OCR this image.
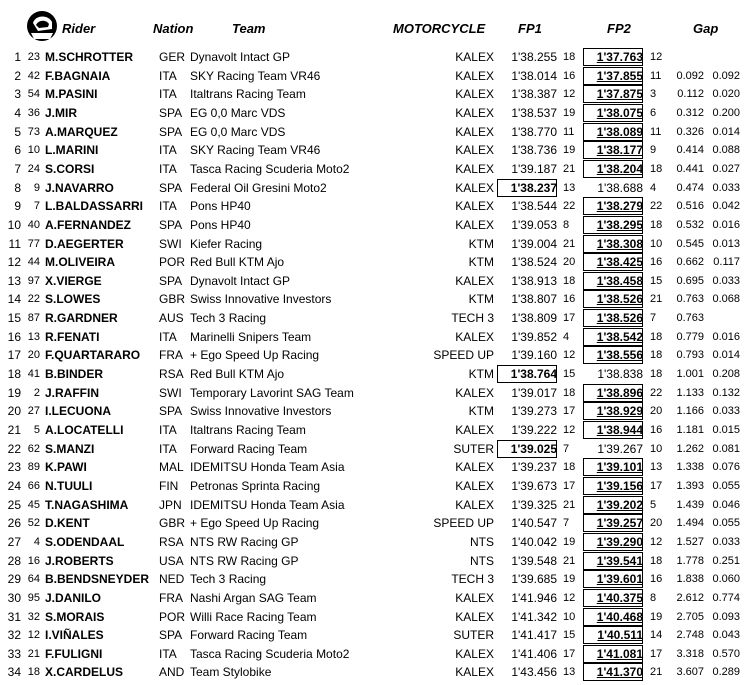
Rider	Nation	Team	MOTORCYCLE	FP1	FP2	Gap
1 23 M.SCHROTTER GER Dynavolt Intact GP	KALEX	1'38.255 18	1'37.763 12
2 42 F.BAGNAIA	ITA SKY Racing Team VR46	KALEX	1'38.014 16	1'37.855 11	0.092 0.092
3 54 M.PASINI	ITA Italtrans Racing Team	KALEX	1'38.387 12	1'37.875 3	0.112 0.020
4 36 J.MIR	SPA EG 0,0 Marc VDS	KALEX	1'38.537 19	1'38.075 6	0.312 0.200
5 73 A.MARQUEZ	SPA EG 0,0 Marc VDS	KALEX	1'38.770 11	1'38.089 11	0.326 0.014
6 10 L.MARINI	ITA SKY Racing Team VR46	KALEX	1'38.736 19	1'38.177 9	0.414 0.088
7 24 S.CORSI	ITA Tasca Racing Scuderia Moto2	KALEX	1'39.187 21	1'38.204 18	0.441 0.027
8	9 J.NAVARRO	SPA Federal Oil Gresini Moto2	KALEX	1'38.237 13	1'38.688 4	0.474 0.033
9	7 L.BALDASSARRI ITA Pons HP40	KALEX	1'38.544 22	1'38.279 22	0.516 0.042
10 40 A.FERNANDEZ SPA Pons HP40	KALEX	1'39.053 8	1'38.295 18	0.532 0.016
11 77 D.AEGERTER	SWI Kiefer Racing	KTM	1'39.004 21	1'38.308 10	0.545 0.013
12 44 M.OLIVEIRA	POR Red Bull KTM Ajo	KTM	1'38.524 20	1'38.425 16	0.662 0.117
13 97 X.VIERGE	SPA Dynavolt Intact GP	KALEX	1'38.913 18	1'38.458 15	0.695 0.033
14 22 S.LOWES	GBR Swiss Innovative Investors	KTM	1'38.807 16	1'38.526 21	0.763 0.068
15 87 R.GARDNER	AUS Tech 3 Racing	TECH 3	1'38.809 17	1'38.526 7	0.763
16 13 R.FENATI	ITA Marinelli Snipers Team	KALEX	1'39.852 4	1'38.542 18	0.779 0.016
17 20 F.QUARTARARO FRA + Ego Speed Up Racing	SPEED UP	1'39.160 12	1'38.556 18	0.793 0.014
18 41 B.BINDER	RSA Red Bull KTM Ajo	KTM	1'38.764 15	1'38.838 18	1.001 0.208
19	2 J.RAFFIN	SWI Temporary Lavorint SAG Team	KALEX	1'39.017 18	1'38.896 22	1.133 0.132
20 27 I.LECUONA	SPA Swiss Innovative Investors	KTM	1'39.273 17	1'38.929 20	1.166 0.033
21	5 A.LOCATELLI	ITA Italtrans Racing Team	KALEX	1'39.222 12	1'38.944 16	1.181 0.015
22 62 S.MANZI	ITA Forward Racing Team	SUTER	1'39.025 7	1'39.267 10	1.262 0.081
23 89 K.PAWI	MAL IDEMITSU Honda Team Asia	KALEX	1'39.237 18	1'39.101 13	1.338 0.076
24 66 N.TUULI	FIN Petronas Sprinta Racing	KALEX	1'39.673 17	1'39.156 17	1.393 0.055
25 45 T.NAGASHIMA	JPN IDEMITSU Honda Team Asia	KALEX	1'39.325 21	1'39.202 5	1.439 0.046
26 52 D.KENT	GBR + Ego Speed Up Racing	SPEED UP	1'40.547 7	1'39.257 20	1.494 0.055
27	4 S.ODENDAAL	RSA NTS RW Racing GP	NTS	1'40.042 19	1'39.290 12	1.527 0.033
28 16 J.ROBERTS	USA NTS RW Racing GP	NTS	1'39.548 21	1'39.541 18	1.778 0.251
29 64 B.BENDSNEYDER NED Tech 3 Racing	TECH 3	1'39.685 19	1'39.601 16	1.838 0.060
30 95 J.DANILO	FRA Nashi Argan SAG Team	KALEX	1'41.946 12	1'40.375 8	2.612 0.774
31 32 S.MORAIS	POR Willi Race Racing Team	KALEX	1'41.342 10	1'40.468 19	2.705 0.093
32 12 I.VIÑALES	SPA Forward Racing Team	SUTER	1'41.417 15	1'40.511 14	2.748 0.043
33 21 F.FULIGNI	ITA Tasca Racing Scuderia Moto2	KALEX	1'41.406 17	1'41.081 17	3.318 0.570
34 18 X.CARDELUS	AND Team Stylobike	KALEX	1'43.456 13	1'41.370 21	3.607 0.289
